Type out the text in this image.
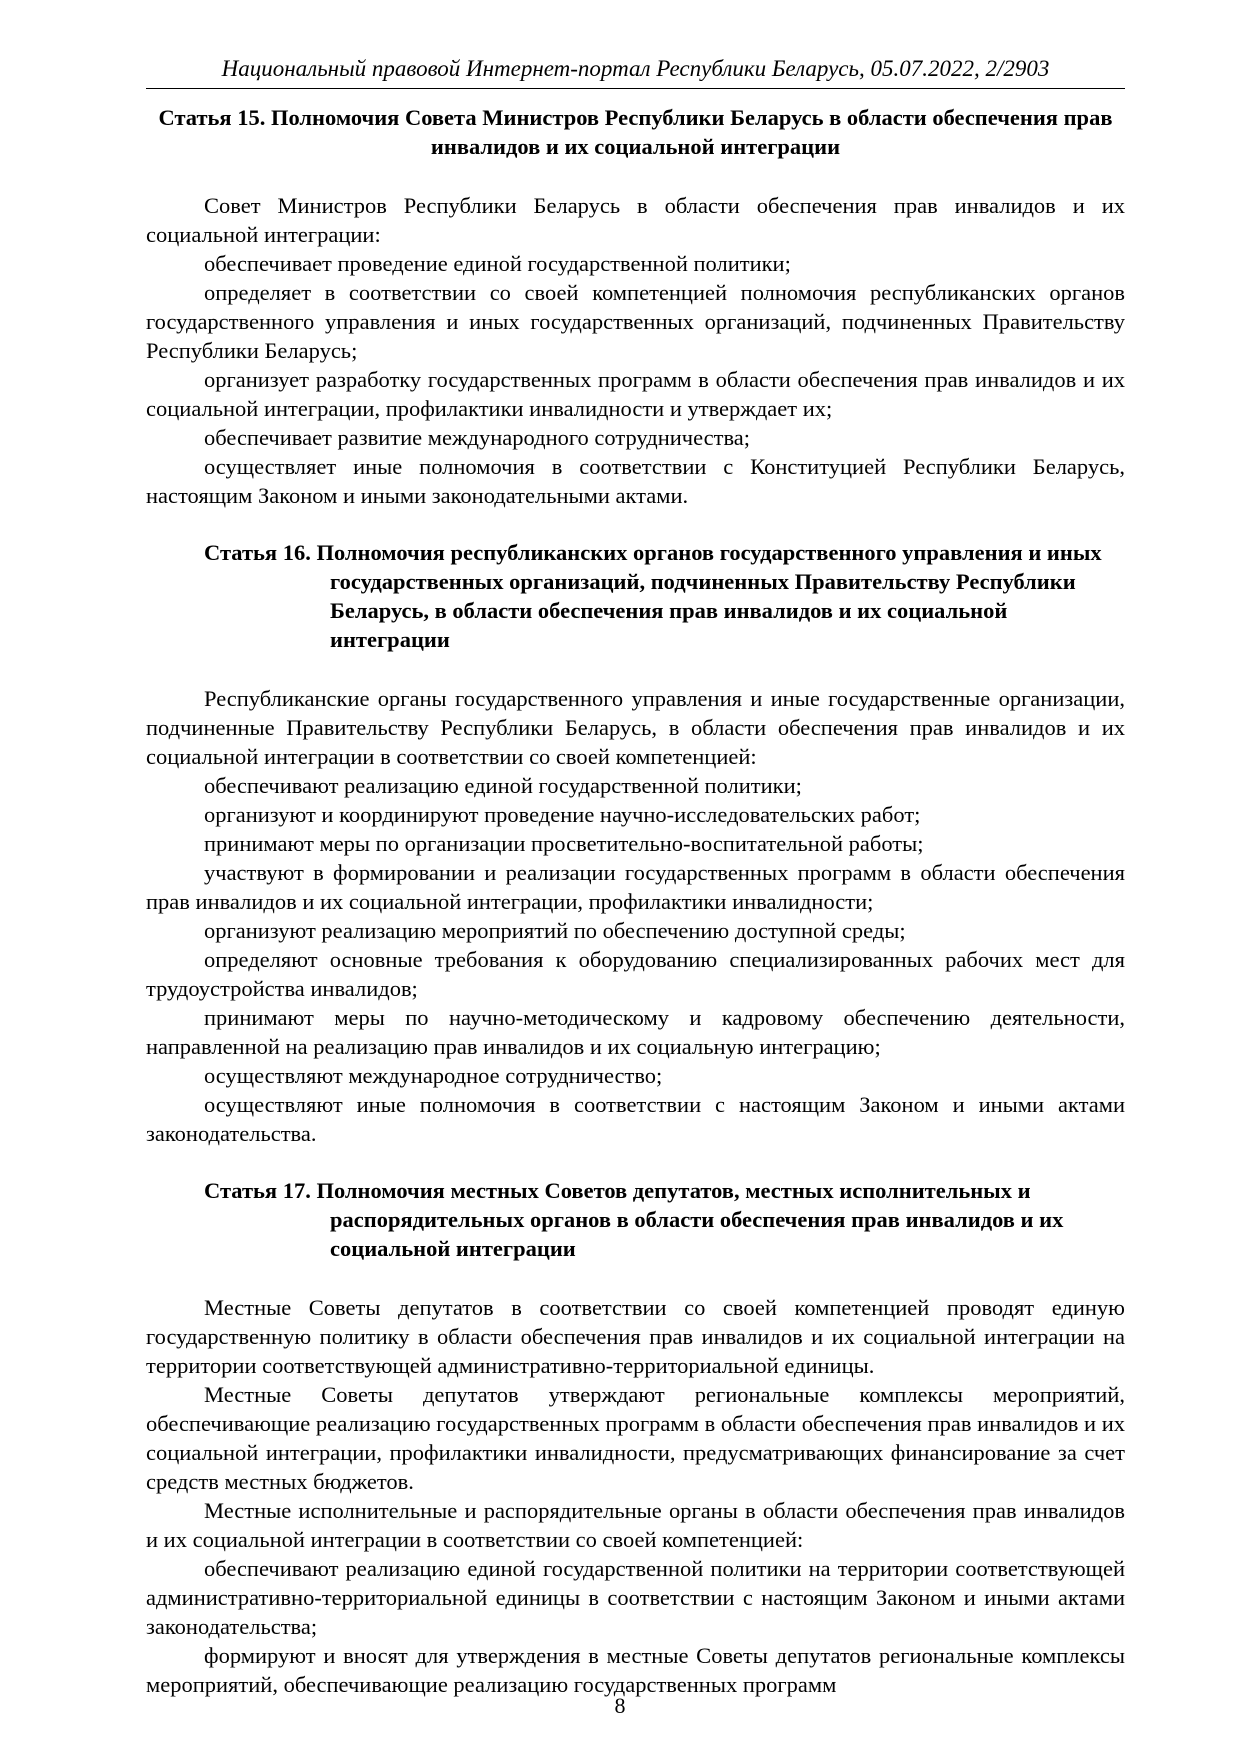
Национальный правовой Интернет-портал Республики Беларусь, 05.07.2022, 2/2903
Статья 15. Полномочия Совета Министров Республики Беларусь в области обеспечения прав инвалидов и их социальной интеграции

Совет Министров Республики Беларусь в области обеспечения прав инвалидов и их социальной интеграции:

обеспечивает проведение единой государственной политики;

определяет в соответствии со своей компетенцией полномочия республиканских органов государственного управления и иных государственных организаций, подчиненных Правительству Республики Беларусь;

организует разработку государственных программ в области обеспечения прав инвалидов и их социальной интеграции, профилактики инвалидности и утверждает их;

обеспечивает развитие международного сотрудничества;

осуществляет иные полномочия в соответствии с Конституцией Республики Беларусь, настоящим Законом и иными законодательными актами.

Статья 16. Полномочия республиканских органов государственного управления и иных государственных организаций, подчиненных Правительству Республики Беларусь, в области обеспечения прав инвалидов и их социальной интеграции

Республиканские органы государственного управления и иные государственные организации, подчиненные Правительству Республики Беларусь, в области обеспечения прав инвалидов и их социальной интеграции в соответствии со своей компетенцией:

обеспечивают реализацию единой государственной политики;

организуют и координируют проведение научно-исследовательских работ;

принимают меры по организации просветительно-воспитательной работы;

участвуют в формировании и реализации государственных программ в области обеспечения прав инвалидов и их социальной интеграции, профилактики инвалидности;

организуют реализацию мероприятий по обеспечению доступной среды;

определяют основные требования к оборудованию специализированных рабочих мест для трудоустройства инвалидов;

принимают меры по научно-методическому и кадровому обеспечению деятельности, направленной на реализацию прав инвалидов и их социальную интеграцию;

осуществляют международное сотрудничество;

осуществляют иные полномочия в соответствии с настоящим Законом и иными актами законодательства.

Статья 17. Полномочия местных Советов депутатов, местных исполнительных и распорядительных органов в области обеспечения прав инвалидов и их социальной интеграции

Местные Советы депутатов в соответствии со своей компетенцией проводят единую государственную политику в области обеспечения прав инвалидов и их социальной интеграции на территории соответствующей административно-территориальной единицы.

Местные Советы депутатов утверждают региональные комплексы мероприятий, обеспечивающие реализацию государственных программ в области обеспечения прав инвалидов и их социальной интеграции, профилактики инвалидности, предусматривающих финансирование за счет средств местных бюджетов.

Местные исполнительные и распорядительные органы в области обеспечения прав инвалидов и их социальной интеграции в соответствии со своей компетенцией:

обеспечивают реализацию единой государственной политики на территории соответствующей административно-территориальной единицы в соответствии с настоящим Законом и иными актами законодательства;

формируют и вносят для утверждения в местные Советы депутатов региональные комплексы мероприятий, обеспечивающие реализацию государственных программ

8
